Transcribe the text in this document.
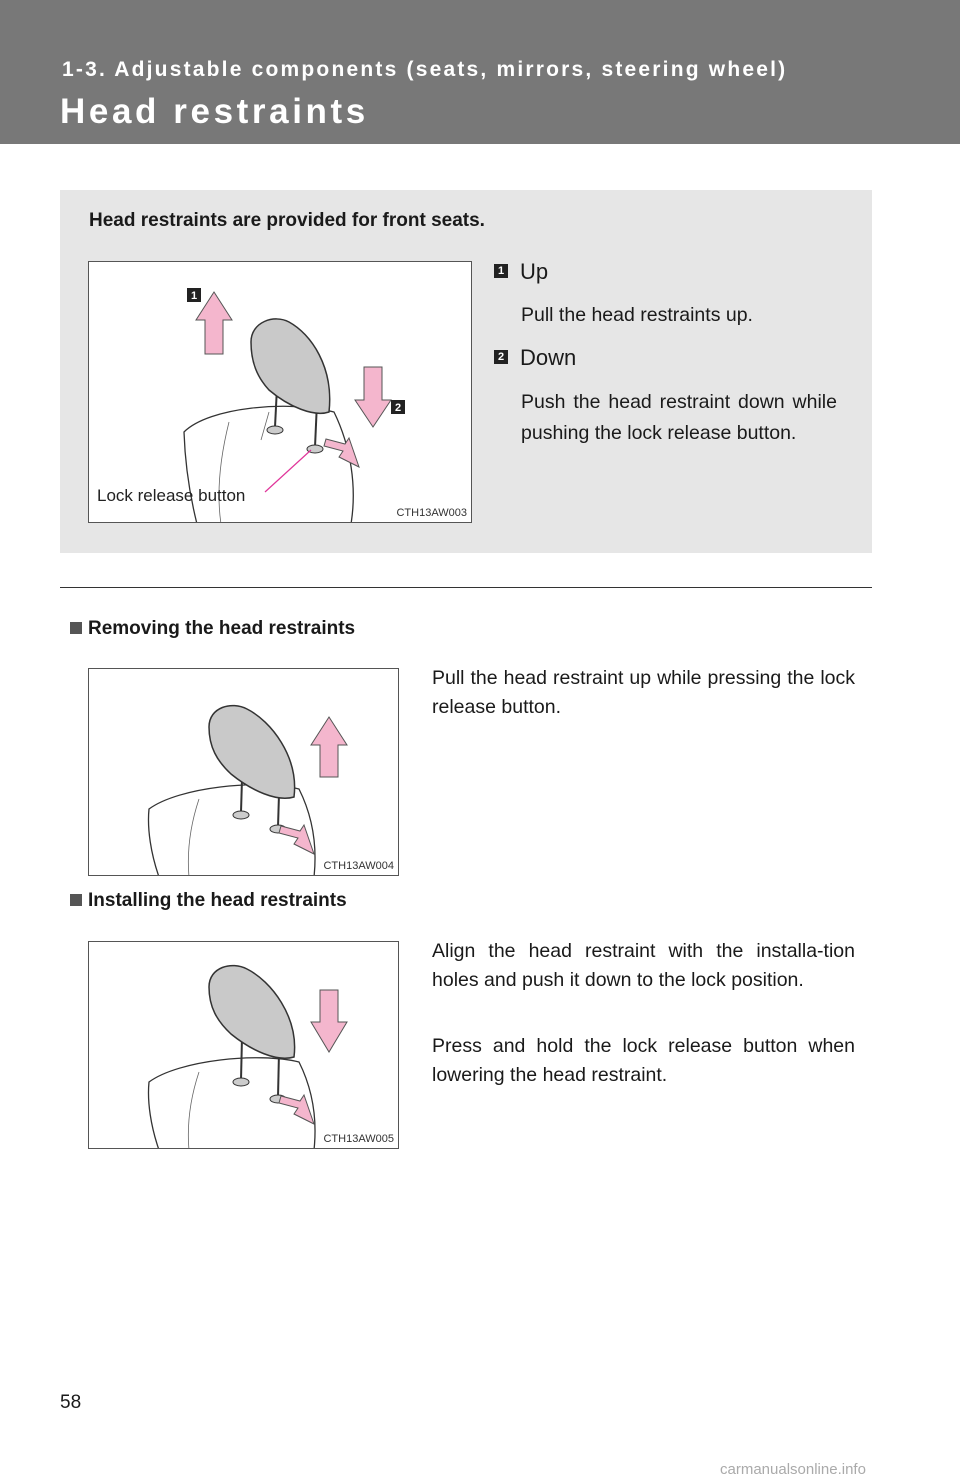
1-3. Adjustable components (seats, mirrors, steering wheel)
Head restraints
Head restraints are provided for front seats.
1
2
Lock release button
CTH13AW003
1 Up
Pull the head restraints up.
2 Down
Push the head restraint down while pushing the lock release button.
Removing the head restraints
CTH13AW004
Pull the head restraint up while pressing the lock release button.
Installing the head restraints
CTH13AW005
Align the head restraint with the installa-tion holes and push it down to the lock position.
Press and hold the lock release button when lowering the head restraint.
58
carmanualsonline.info
